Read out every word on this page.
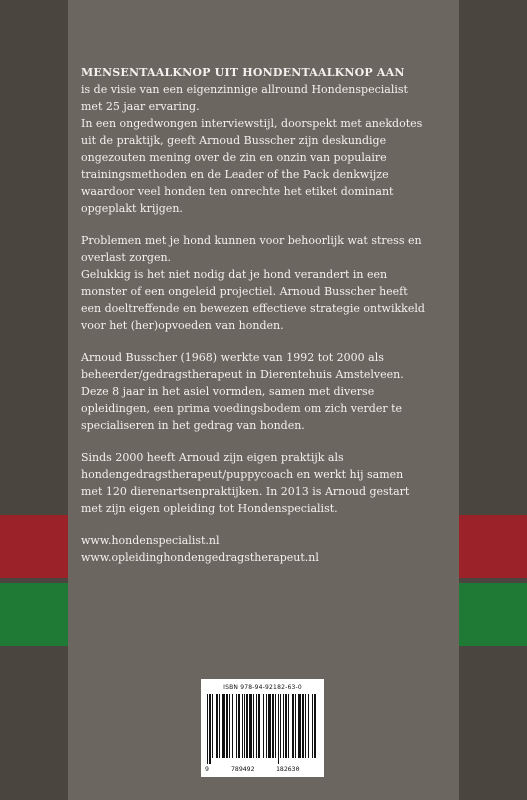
MENSENTAALKNOP UIT HONDENTAALKNOP AAN
is de visie van een eigenzinnige allround Hondenspecialist
met 25 jaar ervaring.
In een ongedwongen interviewstijl, doorspekt met anekdotes
uit de praktijk, geeft Arnoud Busscher zijn deskundige
ongezouten mening over de zin en onzin van populaire
trainingsmethoden en de Leader of the Pack denkwijze
waardoor veel honden ten onrechte het etiket dominant
opgeplakt krijgen.

Problemen met je hond kunnen voor behoorlijk wat stress en
overlast zorgen.
Gelukkig is het niet nodig dat je hond verandert in een
monster of een ongeleid projectiel. Arnoud Busscher heeft
een doeltreffende en bewezen effectieve strategie ontwikkeld
voor het (her)opvoeden van honden.

Arnoud Busscher (1968) werkte van 1992 tot 2000 als
beheerder/gedragstherapeut in Dierentehuis Amstelveen.
Deze 8 jaar in het asiel vormden, samen met diverse
opleidingen, een prima voedingsbodem om zich verder te
specialiseren in het gedrag van honden.

Sinds 2000 heeft Arnoud zijn eigen praktijk als
hondengedragstherapeut/puppycoach en werkt hij samen
met 120 dierenartsenpraktijken. In 2013 is Arnoud gestart
met zijn eigen opleiding tot Hondenspecialist.

www.hondenspecialist.nl
www.opleidinghondengedragstherapeut.nl

ISBN 978-94-92182-63-0
9	789492	182630
